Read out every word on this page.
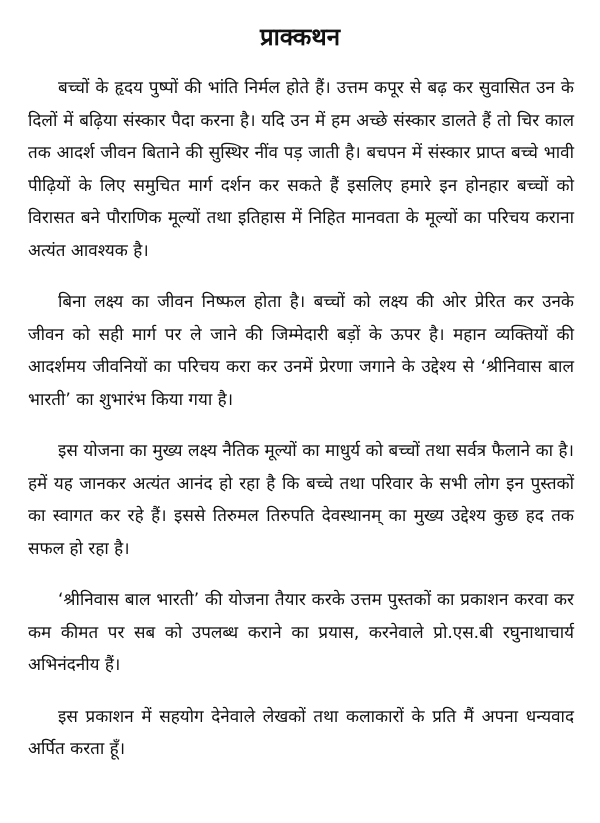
प्राक्कथन

बच्चों के हृदय पुष्पों की भांति निर्मल होते हैं। उत्तम कपूर से बढ़ कर सुवासित उन के दिलों में बढ़िया संस्कार पैदा करना है। यदि उन में हम अच्छे संस्कार डालते हैं तो चिर काल तक आदर्श जीवन बिताने की सुस्थिर नींव पड़ जाती है। बचपन में संस्कार प्राप्त बच्चे भावी पीढ़ियों के लिए समुचित मार्ग दर्शन कर सकते हैं इसलिए हमारे इन होनहार बच्चों को विरासत बने पौराणिक मूल्यों तथा इतिहास में निहित मानवता के मूल्यों का परिचय कराना अत्यंत आवश्यक है।

बिना लक्ष्य का जीवन निष्फल होता है। बच्चों को लक्ष्य की ओर प्रेरित कर उनके जीवन को सही मार्ग पर ले जाने की जिम्मेदारी बड़ों के ऊपर है। महान व्यक्तियों की आदर्शमय जीवनियों का परिचय करा कर उनमें प्रेरणा जगाने के उद्देश्य से ‘श्रीनिवास बाल भारती’ का शुभारंभ किया गया है।

इस योजना का मुख्य लक्ष्य नैतिक मूल्यों का माधुर्य को बच्चों तथा सर्वत्र फैलाने का है। हमें यह जानकर अत्यंत आनंद हो रहा है कि बच्चे तथा परिवार के सभी लोग इन पुस्तकों का स्वागत कर रहे हैं। इससे तिरुमल तिरुपति देवस्थानम् का मुख्य उद्देश्य कुछ हद तक सफल हो रहा है।

‘श्रीनिवास बाल भारती’ की योजना तैयार करके उत्तम पुस्तकों का प्रकाशन करवा कर कम कीमत पर सब को उपलब्ध कराने का प्रयास, करनेवाले प्रो.एस.बी रघुनाथाचार्य अभिनंदनीय हैं।

इस प्रकाशन में सहयोग देनेवाले लेखकों तथा कलाकारों के प्रति मैं अपना धन्यवाद अर्पित करता हूँ।
